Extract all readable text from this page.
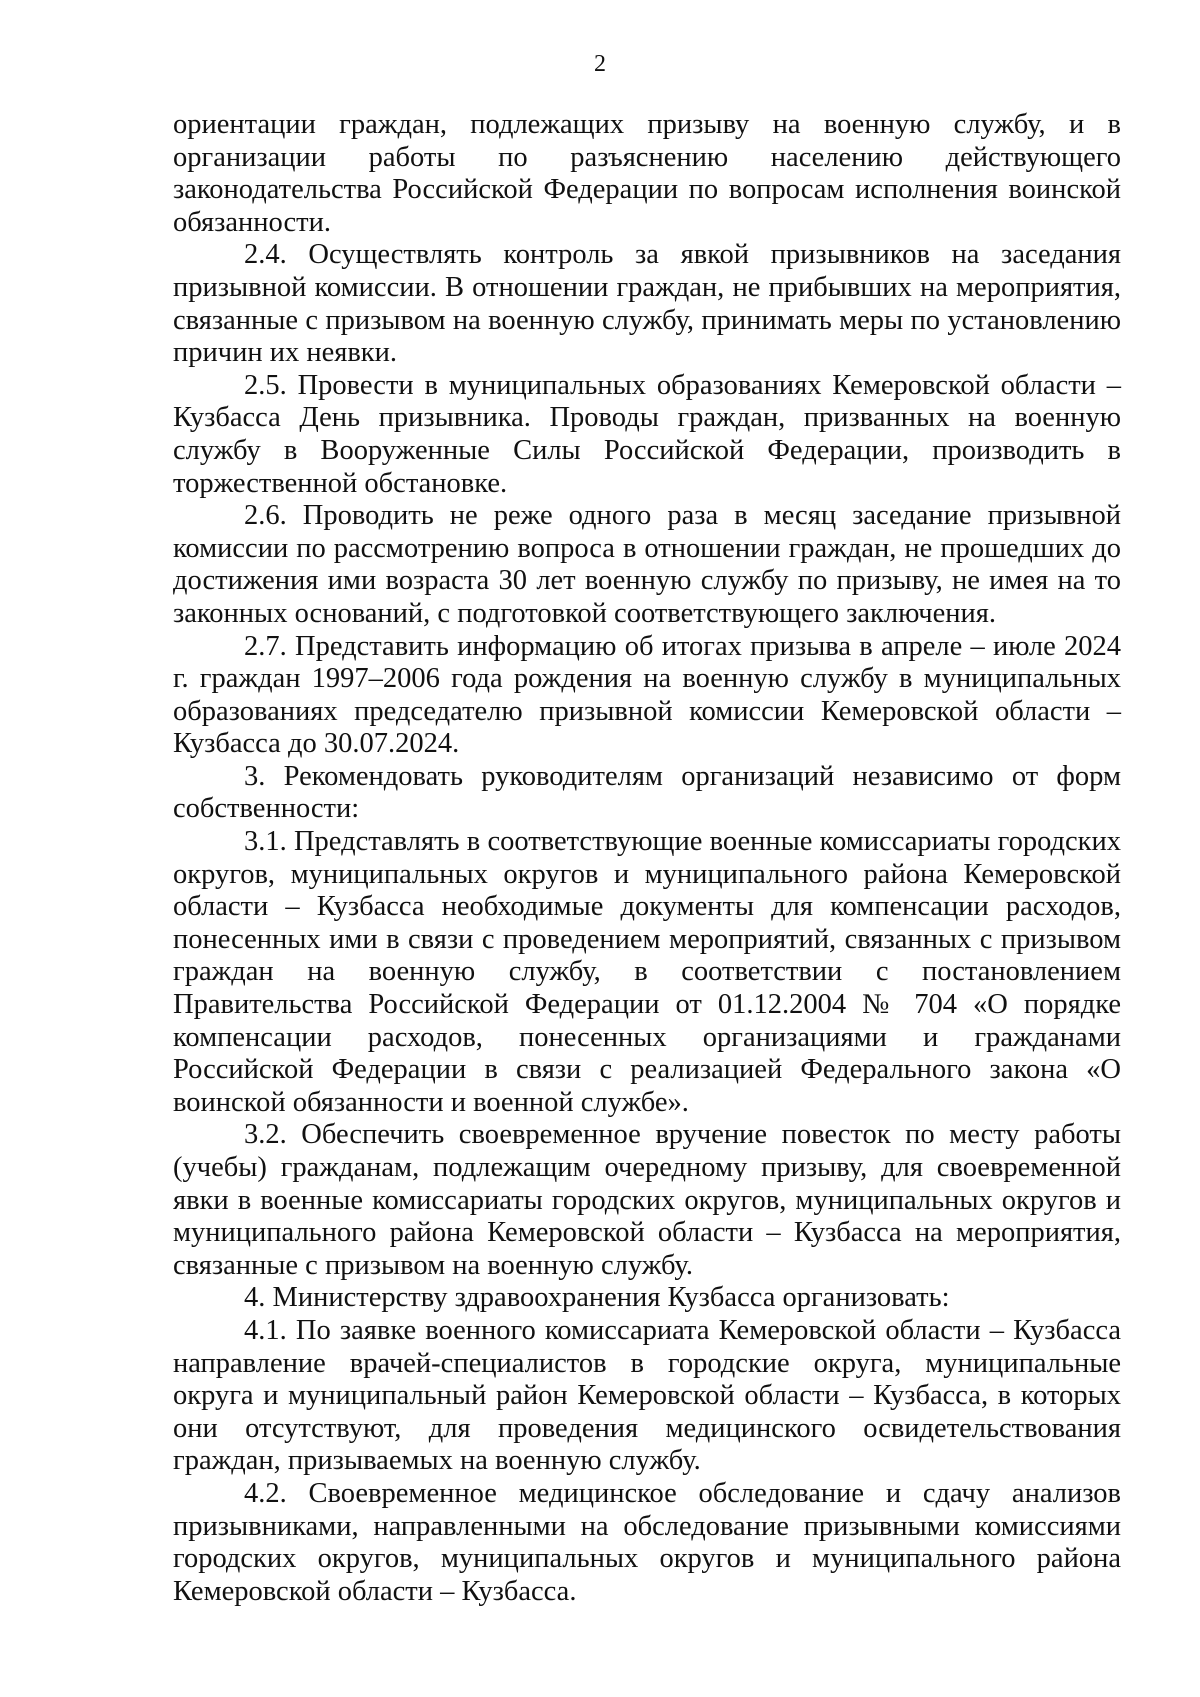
2

ориентации граждан, подлежащих призыву на военную службу, и в организации работы по разъяснению населению действующего законодательства Российской Федерации по вопросам исполнения воинской обязанности.

2.4. Осуществлять контроль за явкой призывников на заседания призывной комиссии. В отношении граждан, не прибывших на мероприятия, связанные с призывом на военную службу, принимать меры по установлению причин их неявки.

2.5. Провести в муниципальных образованиях Кемеровской области – Кузбасса День призывника. Проводы граждан, призванных на военную службу в Вооруженные Силы Российской Федерации, производить в торжественной обстановке.

2.6. Проводить не реже одного раза в месяц заседание призывной комиссии по рассмотрению вопроса в отношении граждан, не прошедших до достижения ими возраста 30 лет военную службу по призыву, не имея на то законных оснований, с подготовкой соответствующего заключения.

2.7. Представить информацию об итогах призыва в апреле – июле 2024 г. граждан 1997–2006 года рождения на военную службу в муниципальных образованиях председателю призывной комиссии Кемеровской области – Кузбасса до 30.07.2024.

3. Рекомендовать руководителям организаций независимо от форм собственности:

3.1. Представлять в соответствующие военные комиссариаты городских округов, муниципальных округов и муниципального района Кемеровской области – Кузбасса необходимые документы для компенсации расходов, понесенных ими в связи с проведением мероприятий, связанных с призывом граждан на военную службу, в соответствии с постановлением Правительства Российской Федерации от 01.12.2004 № 704 «О порядке компенсации расходов, понесенных организациями и гражданами Российской Федерации в связи с реализацией Федерального закона «О воинской обязанности и военной службе».

3.2. Обеспечить своевременное вручение повесток по месту работы (учебы) гражданам, подлежащим очередному призыву, для своевременной явки в военные комиссариаты городских округов, муниципальных округов и муниципального района Кемеровской области – Кузбасса на мероприятия, связанные с призывом на военную службу.

4. Министерству здравоохранения Кузбасса организовать:

4.1. По заявке военного комиссариата Кемеровской области – Кузбасса направление врачей-специалистов в городские округа, муниципальные округа и муниципальный район Кемеровской области – Кузбасса, в которых они отсутствуют, для проведения медицинского освидетельствования граждан, призываемых на военную службу.

4.2. Своевременное медицинское обследование и сдачу анализов призывниками, направленными на обследование призывными комиссиями городских округов, муниципальных округов и муниципального района Кемеровской области – Кузбасса.
